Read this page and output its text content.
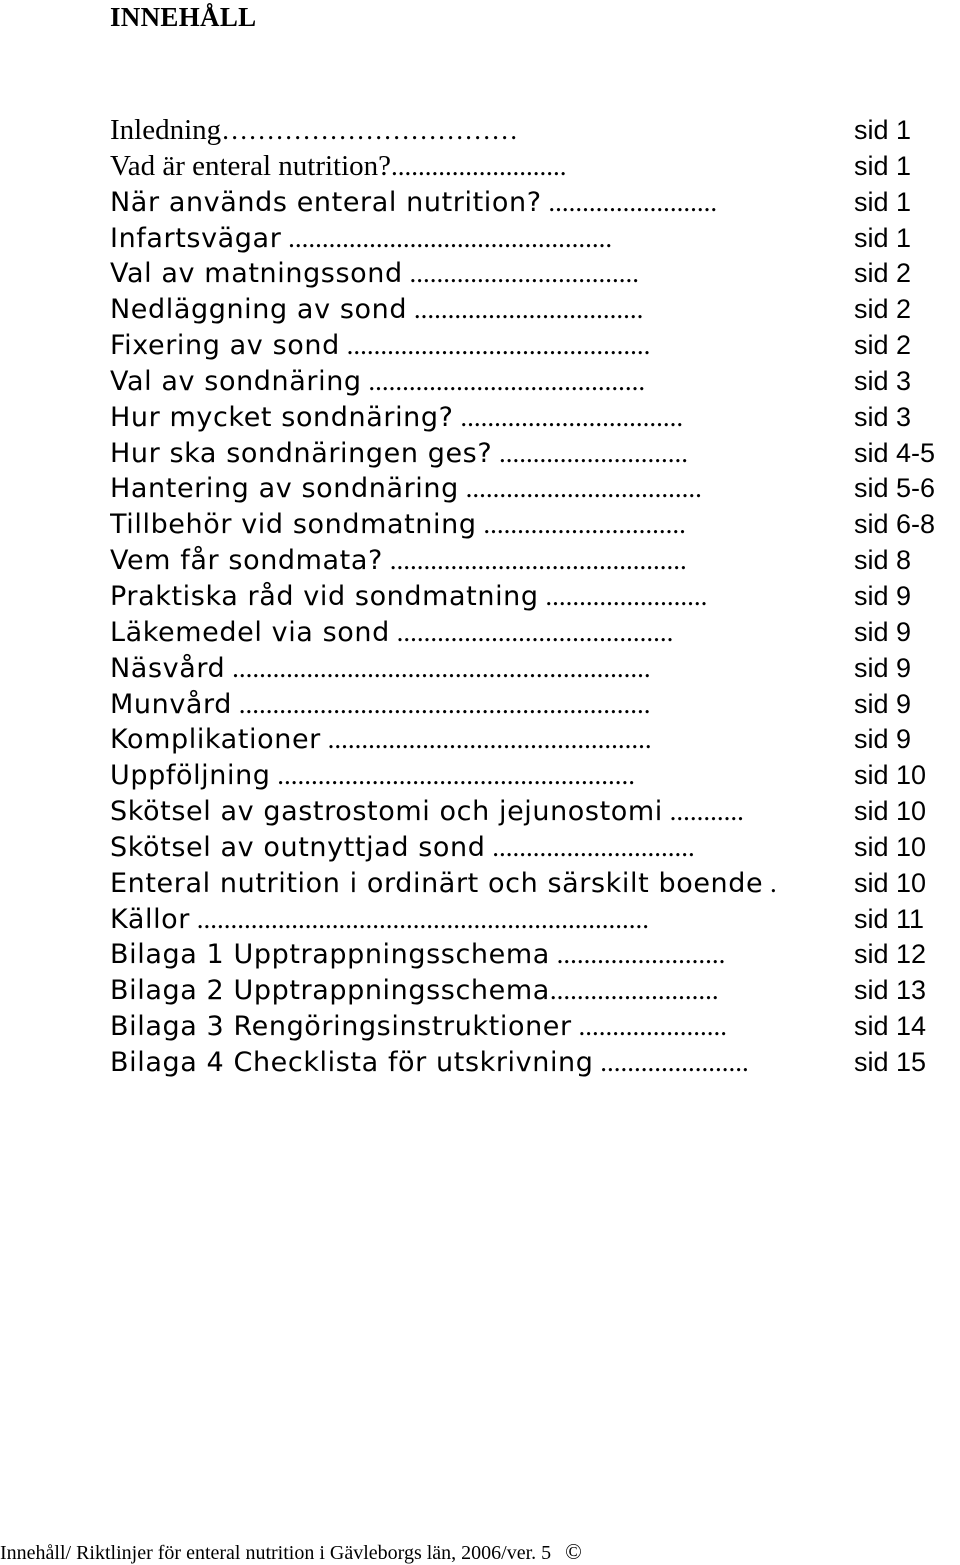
INNEHÅLL
Inledning……………………………	sid 1
Vad är enteral nutrition?..........................	sid 1
När används enteral nutrition? .........................	sid 1
Infartsvägar ................................................	sid 1
Val av matningssond ..................................	sid 2
Nedläggning av sond ..................................	sid 2
Fixering av sond .............................................	sid 2
Val av sondnäring .........................................	sid 3
Hur mycket sondnäring? .................................	sid 3
Hur ska sondnäringen ges? ............................	sid 4-5
Hantering av sondnäring ...................................	sid 5-6
Tillbehör vid sondmatning ..............................	sid 6-8
Vem får sondmata? ............................................	sid 8
Praktiska råd vid sondmatning ........................	sid 9
Läkemedel via sond .........................................	sid 9
Näsvård ..............................................................	sid 9
Munvård .............................................................	sid 9
Komplikationer ................................................	sid 9
Uppföljning .....................................................	sid 10
Skötsel av gastrostomi och jejunostomi ...........	sid 10
Skötsel av outnyttjad sond ..............................	sid 10
Enteral nutrition i ordinärt och särskilt boende .	sid 10
Källor ...................................................................	sid 11
Bilaga 1 Upptrappningsschema .........................	sid 12
Bilaga 2 Upptrappningsschema.........................	sid 13
Bilaga 3 Rengöringsinstruktioner ......................	sid 14
Bilaga 4 Checklista för utskrivning ......................	sid 15
Innehåll/ Riktlinjer för enteral nutrition i Gävleborgs län, 2006/ver. 5 ©
